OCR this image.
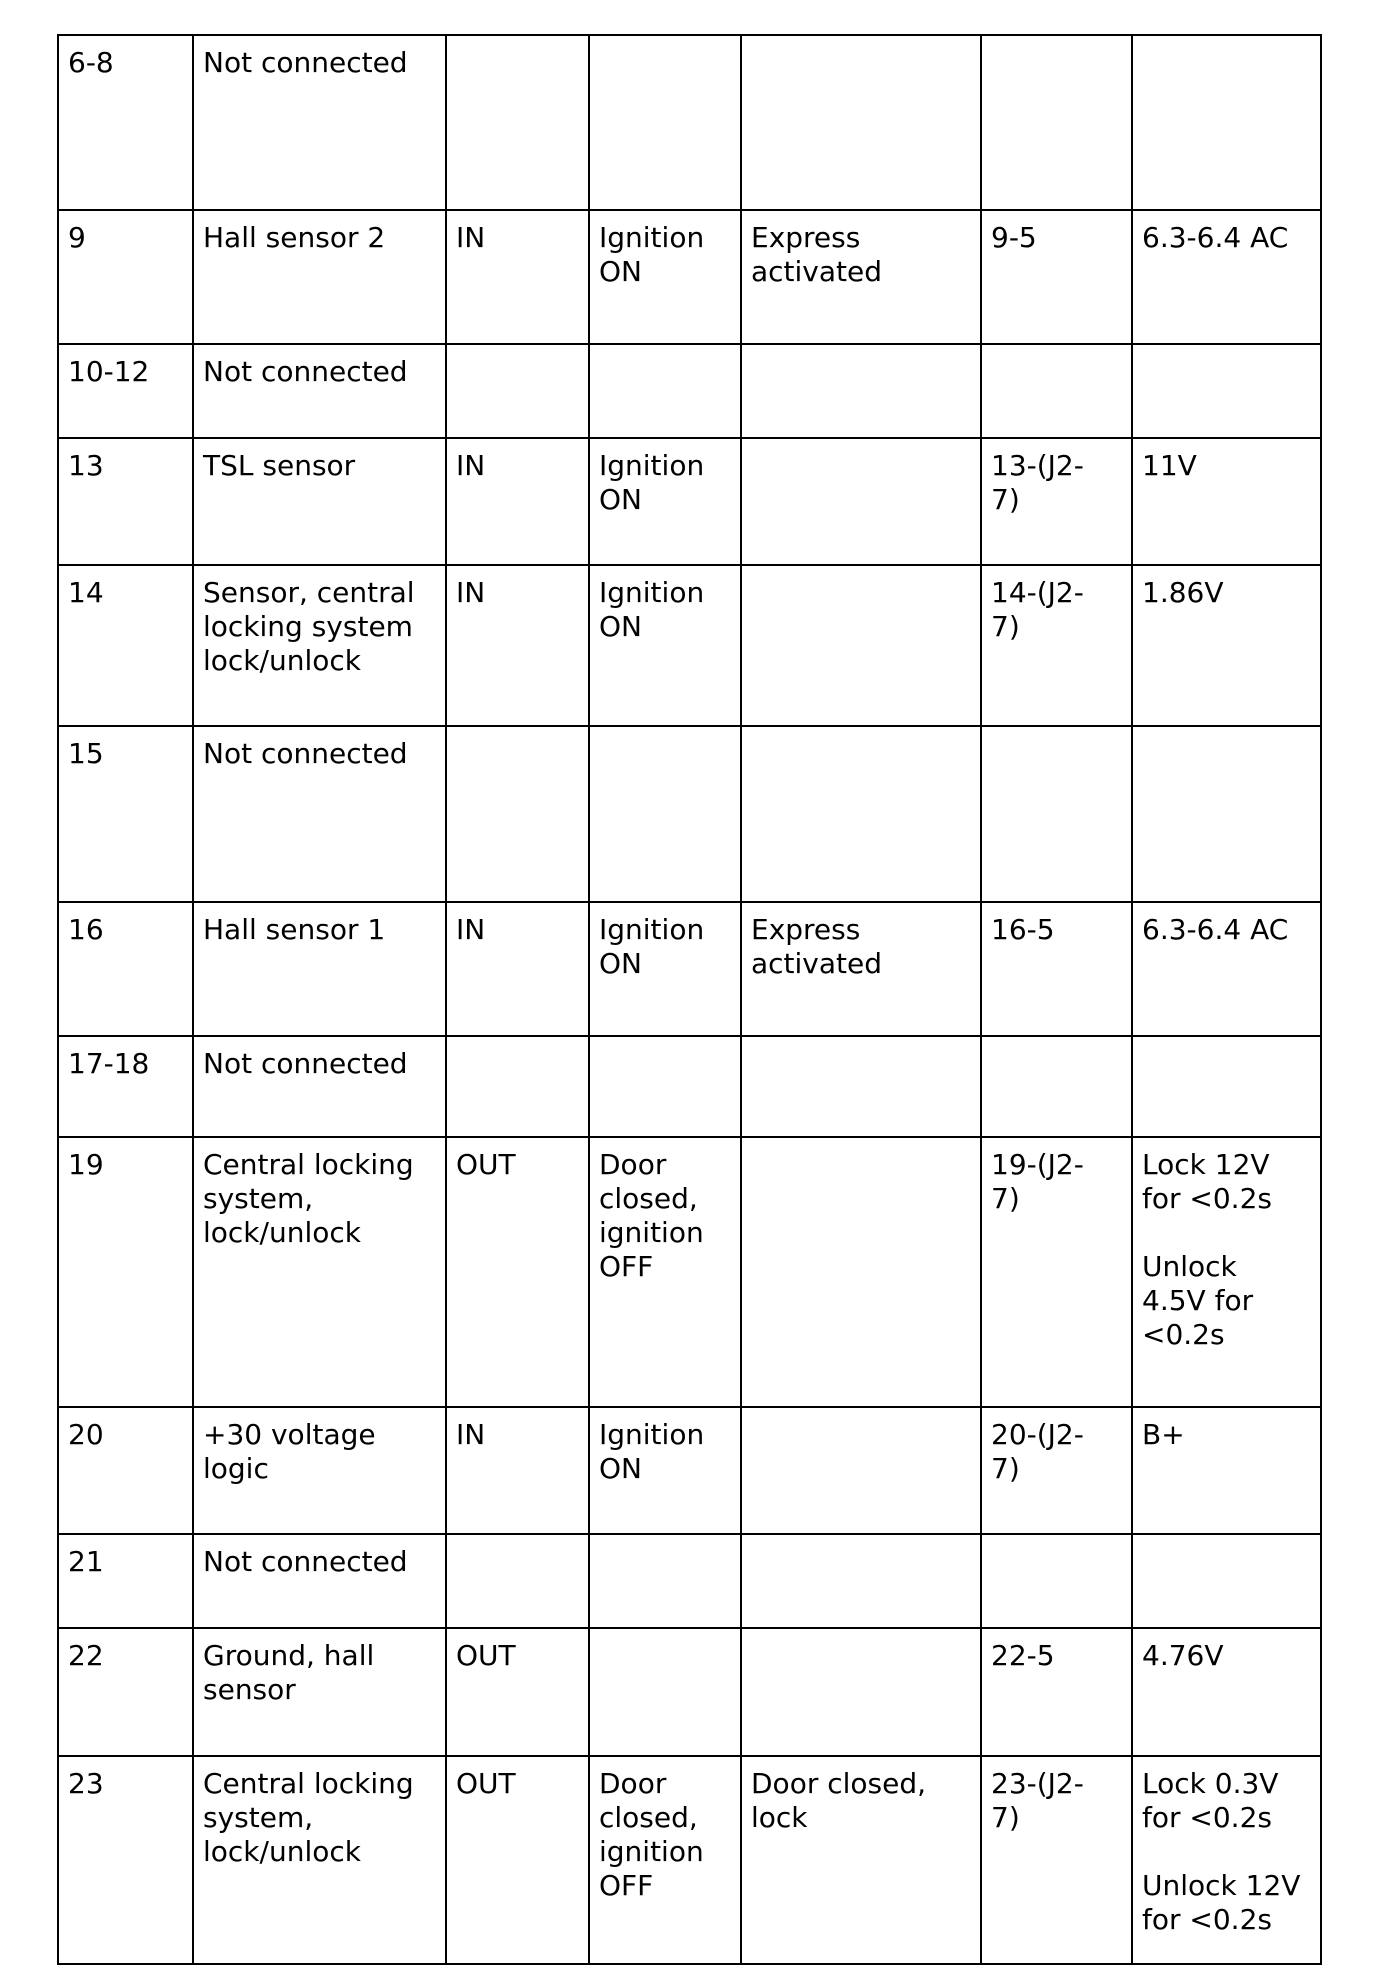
6-8	Not connected					
9	Hall sensor 2	IN	Ignition
ON	Express
activated	9-5	6.3-6.4 AC
10-12	Not connected					
13	TSL sensor	IN	Ignition
ON		13-(J2-
7)	11V
14	Sensor, central
locking system
lock/unlock	IN	Ignition
ON		14-(J2-
7)	1.86V
15	Not connected					
16	Hall sensor 1	IN	Ignition
ON	Express
activated	16-5	6.3-6.4 AC
17-18	Not connected					
19	Central locking
system,
lock/unlock	OUT	Door
closed,
ignition
OFF		19-(J2-
7)	Lock 12V
for <0.2s

Unlock
4.5V for
<0.2s
20	+30 voltage
logic	IN	Ignition
ON		20-(J2-
7)	B+
21	Not connected					
22	Ground, hall
sensor	OUT			22-5	4.76V
23	Central locking
system,
lock/unlock	OUT	Door
closed,
ignition
OFF	Door closed,
lock	23-(J2-
7)	Lock 0.3V
for <0.2s

Unlock 12V
for <0.2s
